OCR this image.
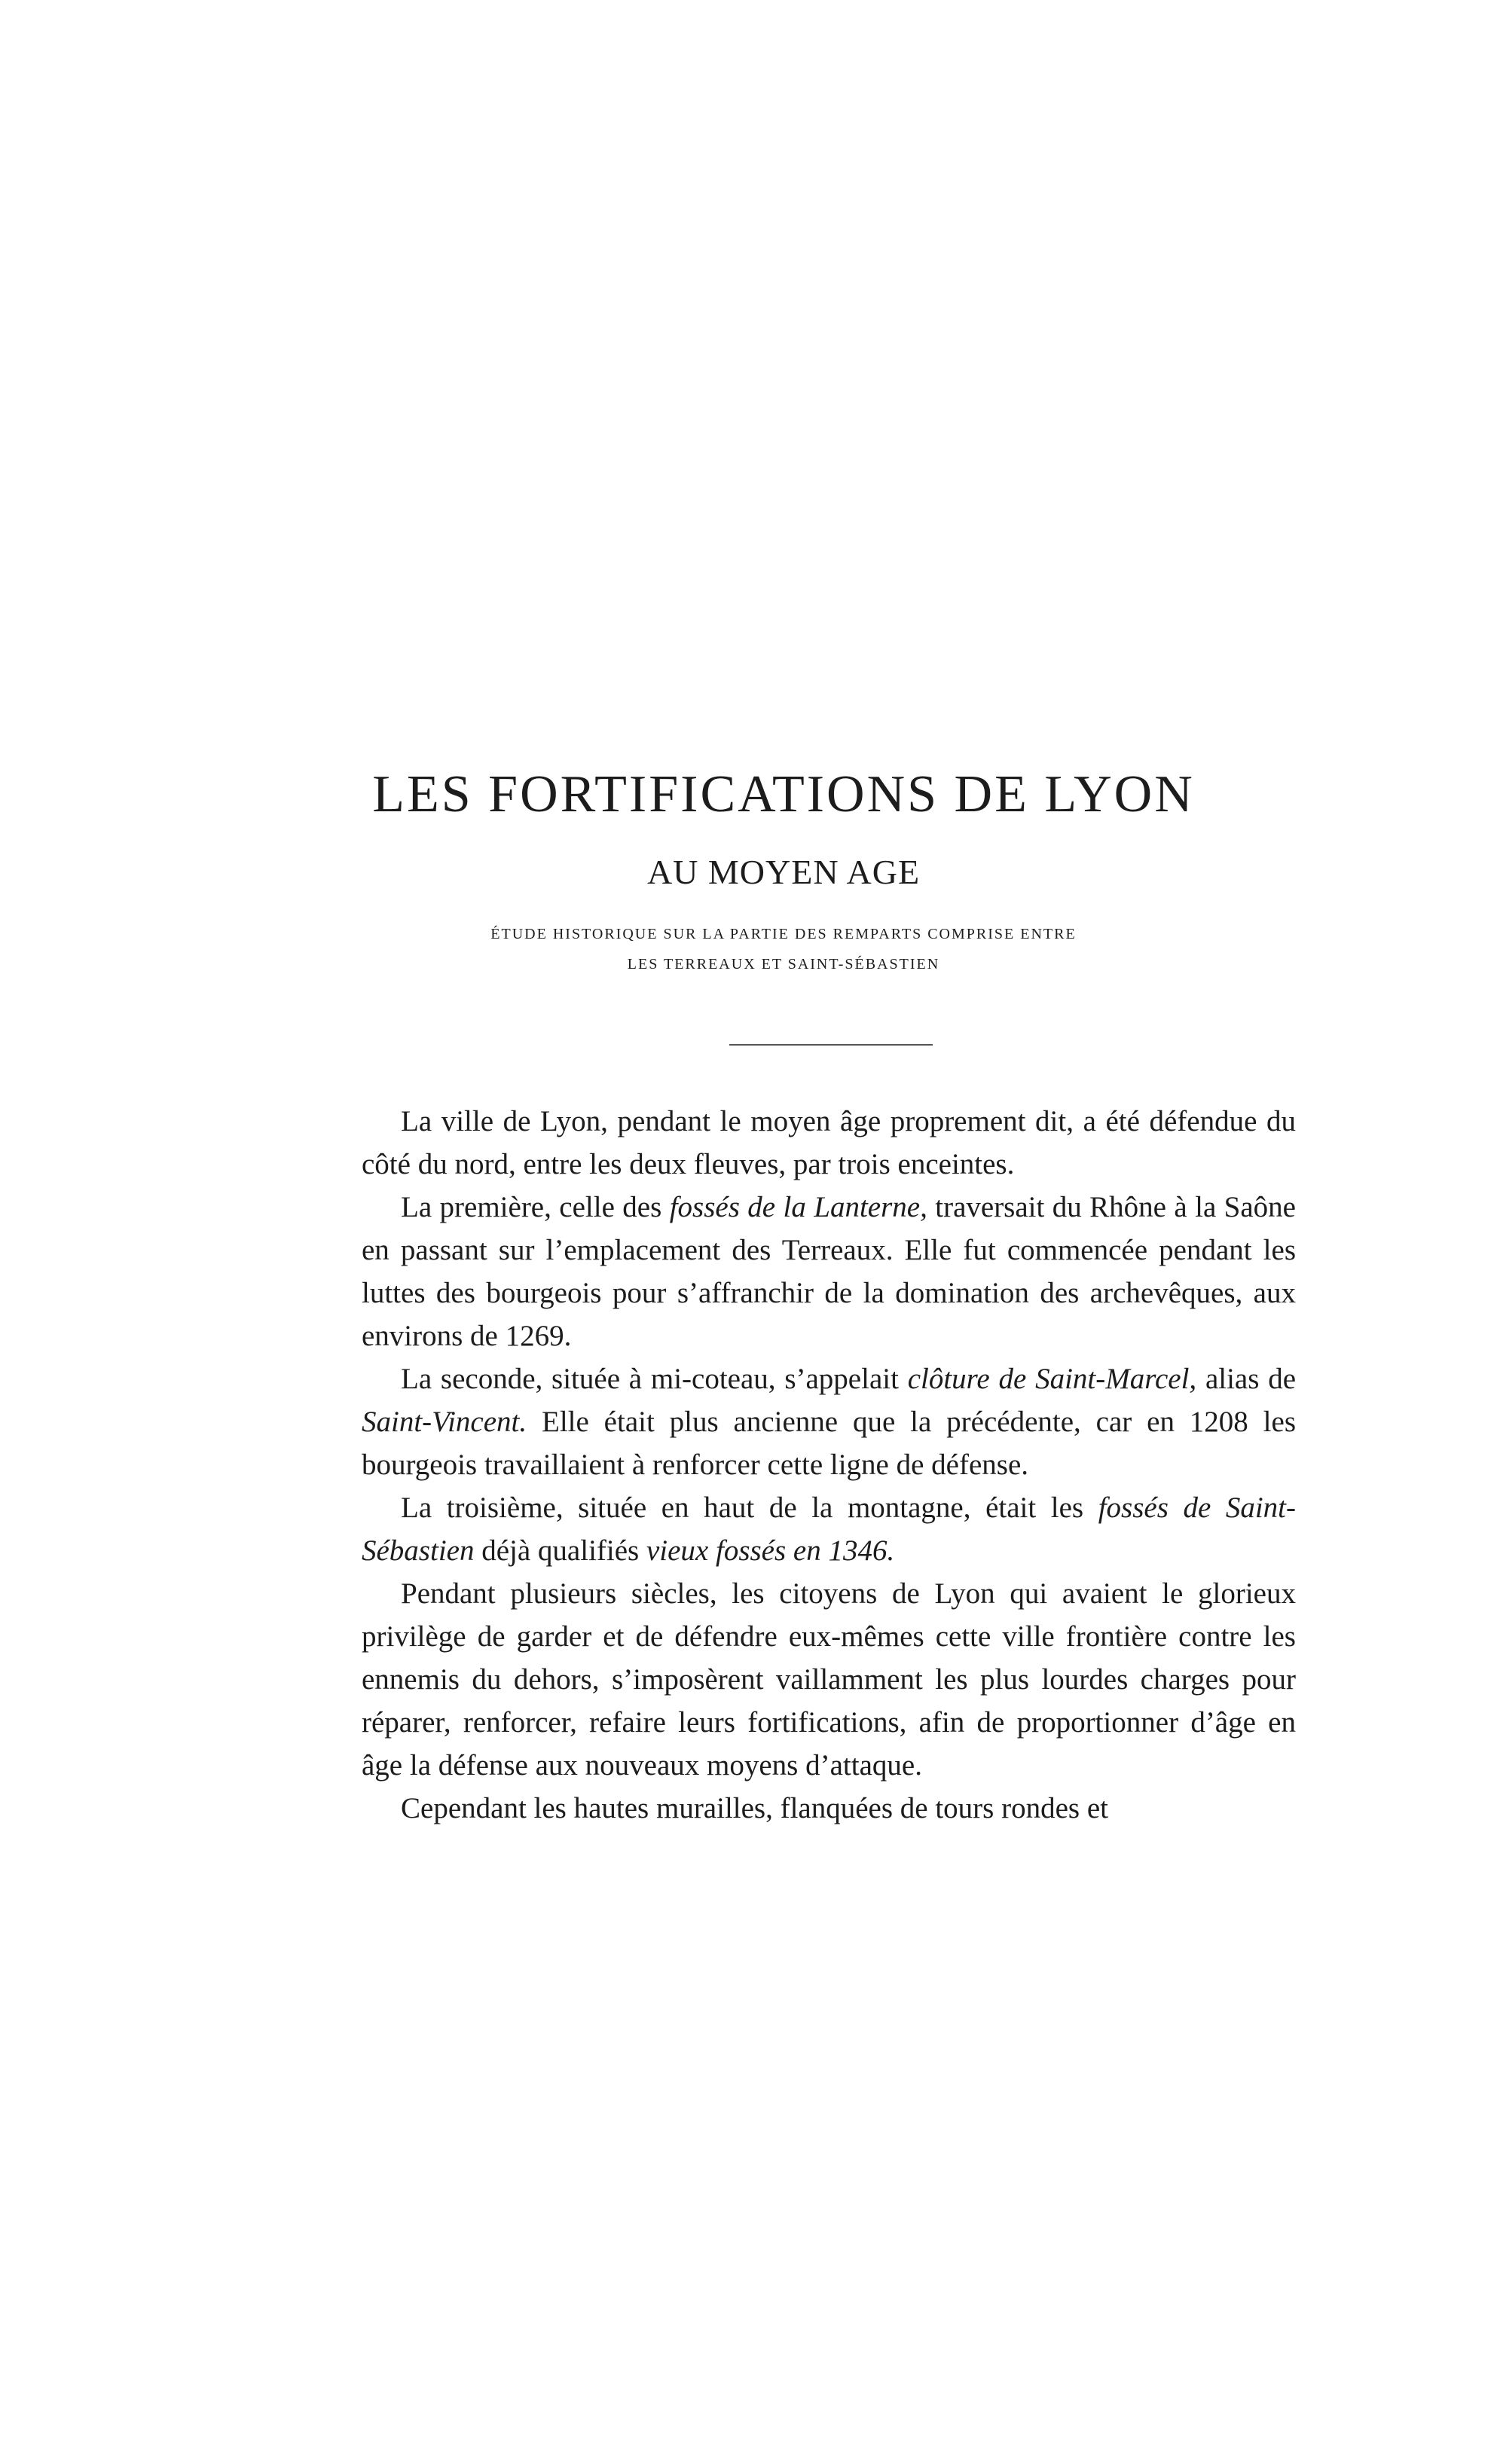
LES FORTIFICATIONS DE LYON
AU MOYEN AGE
ÉTUDE HISTORIQUE SUR LA PARTIE DES REMPARTS COMPRISE ENTRE
LES TERREAUX ET SAINT-SÉBASTIEN

La ville de Lyon, pendant le moyen âge proprement dit, a été défendue du côté du nord, entre les deux fleuves, par trois enceintes.

La première, celle des fossés de la Lanterne, traversait du Rhône à la Saône en passant sur l’emplacement des Terreaux. Elle fut commencée pendant les luttes des bourgeois pour s’affranchir de la domination des archevêques, aux environs de 1269.

La seconde, située à mi-coteau, s’appelait clôture de Saint-Marcel, alias de Saint-Vincent. Elle était plus ancienne que la précédente, car en 1208 les bourgeois travaillaient à renforcer cette ligne de défense.

La troisième, située en haut de la montagne, était les fossés de Saint-Sébastien déjà qualifiés vieux fossés en 1346.

Pendant plusieurs siècles, les citoyens de Lyon qui avaient le glorieux privilège de garder et de défendre eux-mêmes cette ville frontière contre les ennemis du dehors, s’imposèrent vaillamment les plus lourdes charges pour réparer, renforcer, refaire leurs fortifications, afin de proportionner d’âge en âge la défense aux nouveaux moyens d’attaque.

Cependant les hautes murailles, flanquées de tours rondes et
